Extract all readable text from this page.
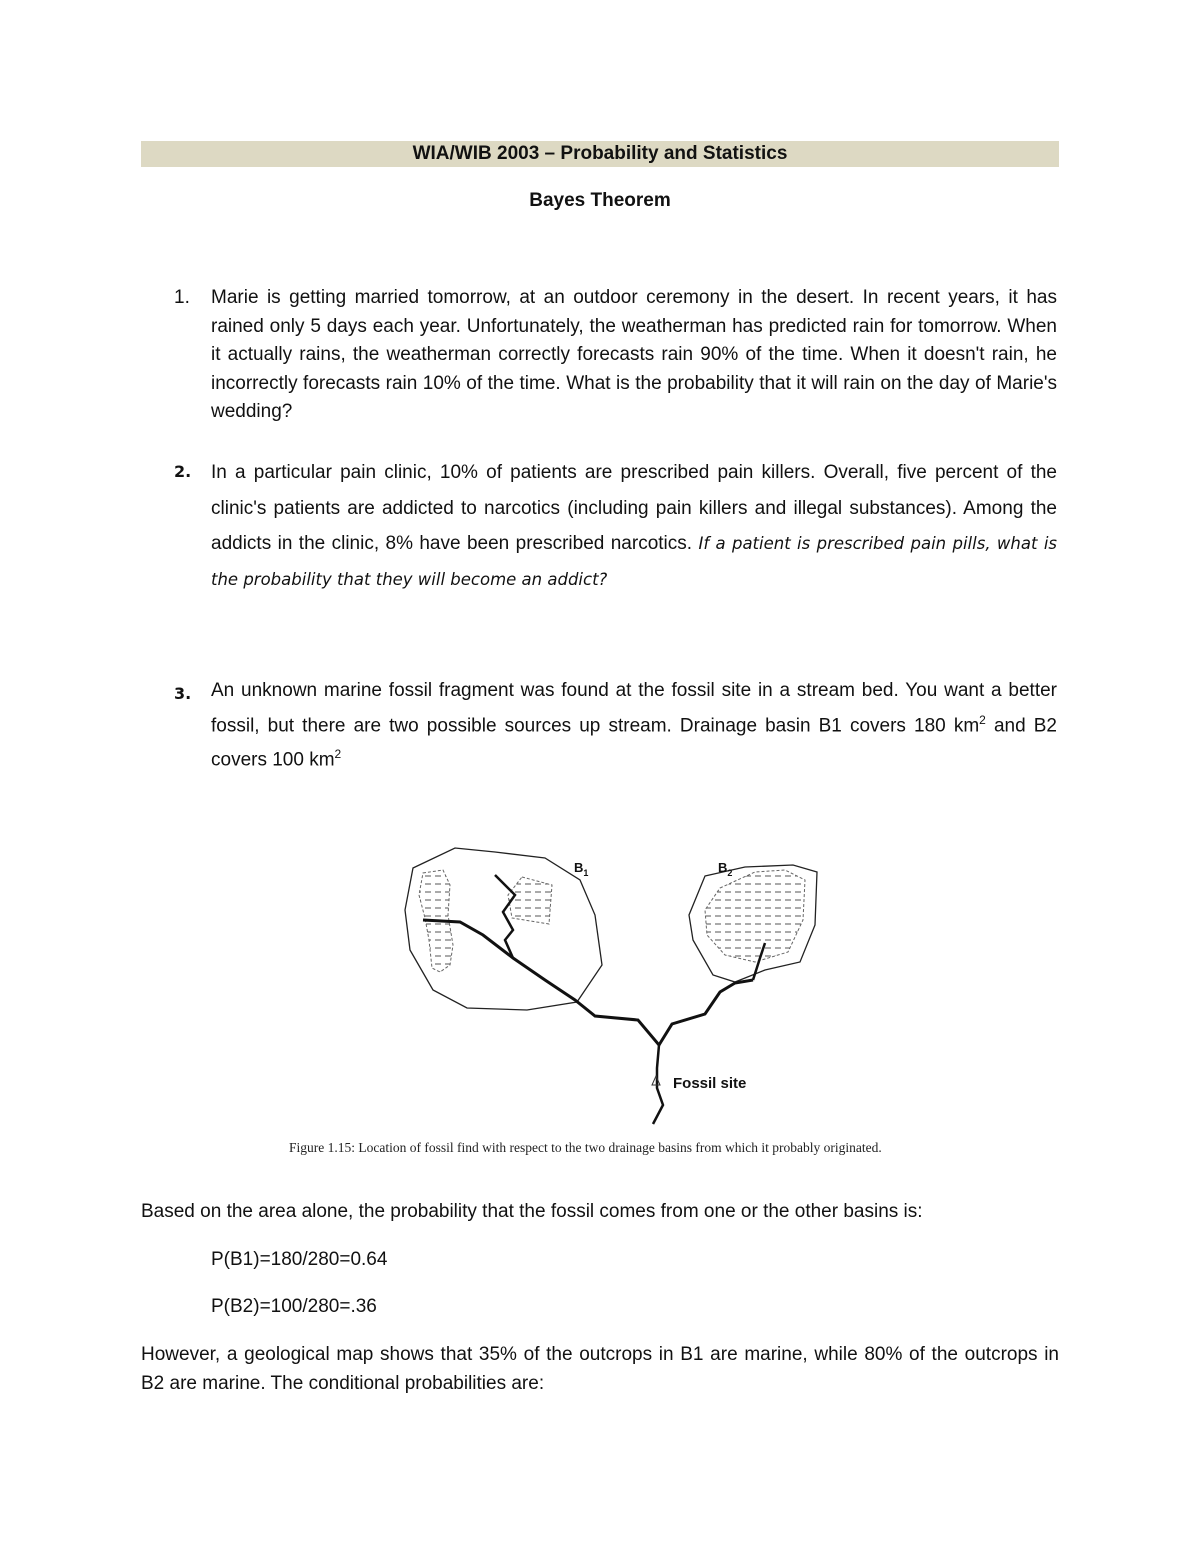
WIA/WIB 2003 – Probability and Statistics
Bayes Theorem
1. Marie is getting married tomorrow, at an outdoor ceremony in the desert. In recent years, it has rained only 5 days each year. Unfortunately, the weatherman has predicted rain for tomorrow. When it actually rains, the weatherman correctly forecasts rain 90% of the time. When it doesn't rain, he incorrectly forecasts rain 10% of the time. What is the probability that it will rain on the day of Marie's wedding?
2. In a particular pain clinic, 10% of patients are prescribed pain killers. Overall, five percent of the clinic's patients are addicted to narcotics (including pain killers and illegal substances). Among the addicts in the clinic, 8% have been prescribed narcotics. If a patient is prescribed pain pills, what is the probability that they will become an addict?
3. An unknown marine fossil fragment was found at the fossil site in a stream bed. You want a better fossil, but there are two possible sources up stream. Drainage basin B1 covers 180 $km^2$ and B2 covers 100 $km^2$
$B_1$	$B_2$
Fossil site
Figure 1.15: Location of fossil find with respect to the two drainage basins from which it probably originated.
Based on the area alone, the probability that the fossil comes from one or the other basins is:
P(B1)=180/280=0.64
P(B2)=100/280=.36
However, a geological map shows that 35% of the outcrops in B1 are marine, while 80% of the outcrops in B2 are marine. The conditional probabilities are:
